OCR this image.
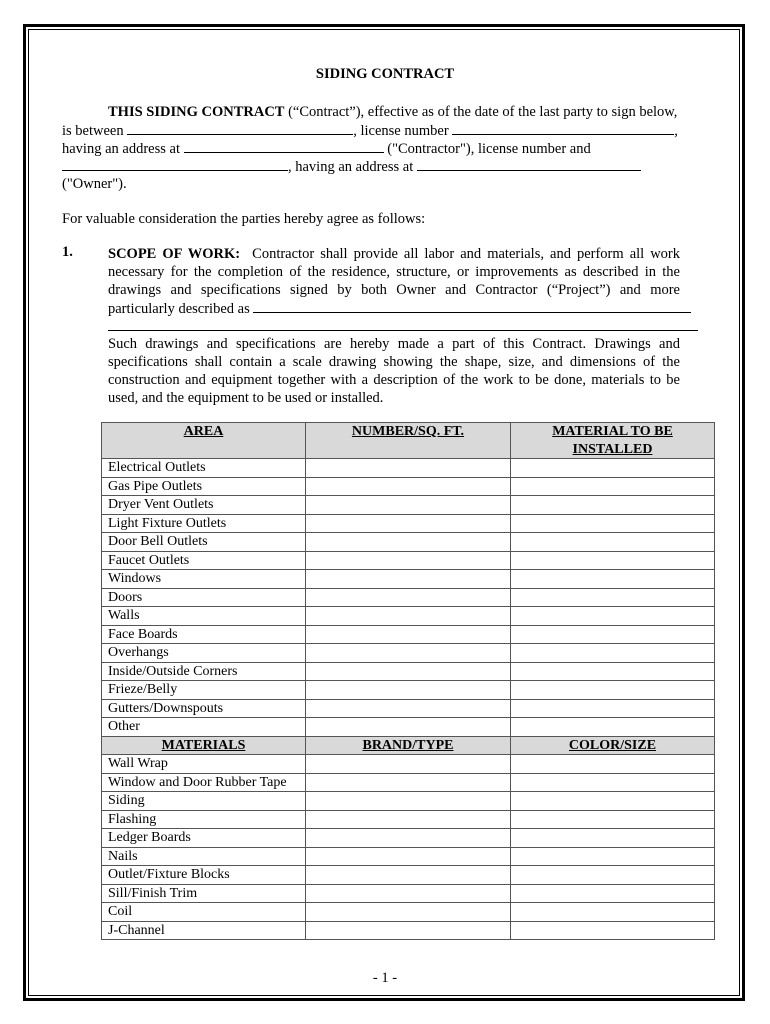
SIDING CONTRACT
THIS SIDING CONTRACT (“Contract”), effective as of the date of the last party to sign below,
is between	, license number	,
having an address at	("Contractor"), license number and
, having an address at
("Owner").
For valuable consideration the parties hereby agree as follows:
1. SCOPE OF WORK: Contractor shall provide all labor and materials, and perform all work
necessary for the completion of the residence, structure, or improvements as described in the
drawings and specifications signed by both Owner and Contractor (“Project”) and more
particularly described as
Such drawings and specifications are hereby made a part of this Contract. Drawings and
specifications shall contain a scale drawing showing the shape, size, and dimensions of the
construction and equipment together with a description of the work to be done, materials to be
used, and the equipment to be used or installed.
AREA	NUMBER/SQ. FT.	MATERIAL TO BE INSTALLED
Electrical Outlets		
Gas Pipe Outlets		
Dryer Vent Outlets		
Light Fixture Outlets		
Door Bell Outlets		
Faucet Outlets		
Windows		
Doors		
Walls		
Face Boards		
Overhangs		
Inside/Outside Corners		
Frieze/Belly		
Gutters/Downspouts		
Other		
MATERIALS	BRAND/TYPE	COLOR/SIZE
Wall Wrap		
Window and Door Rubber Tape		
Siding		
Flashing		
Ledger Boards		
Nails		
Outlet/Fixture Blocks		
Sill/Finish Trim		
Coil		
J-Channel		
- 1 -
